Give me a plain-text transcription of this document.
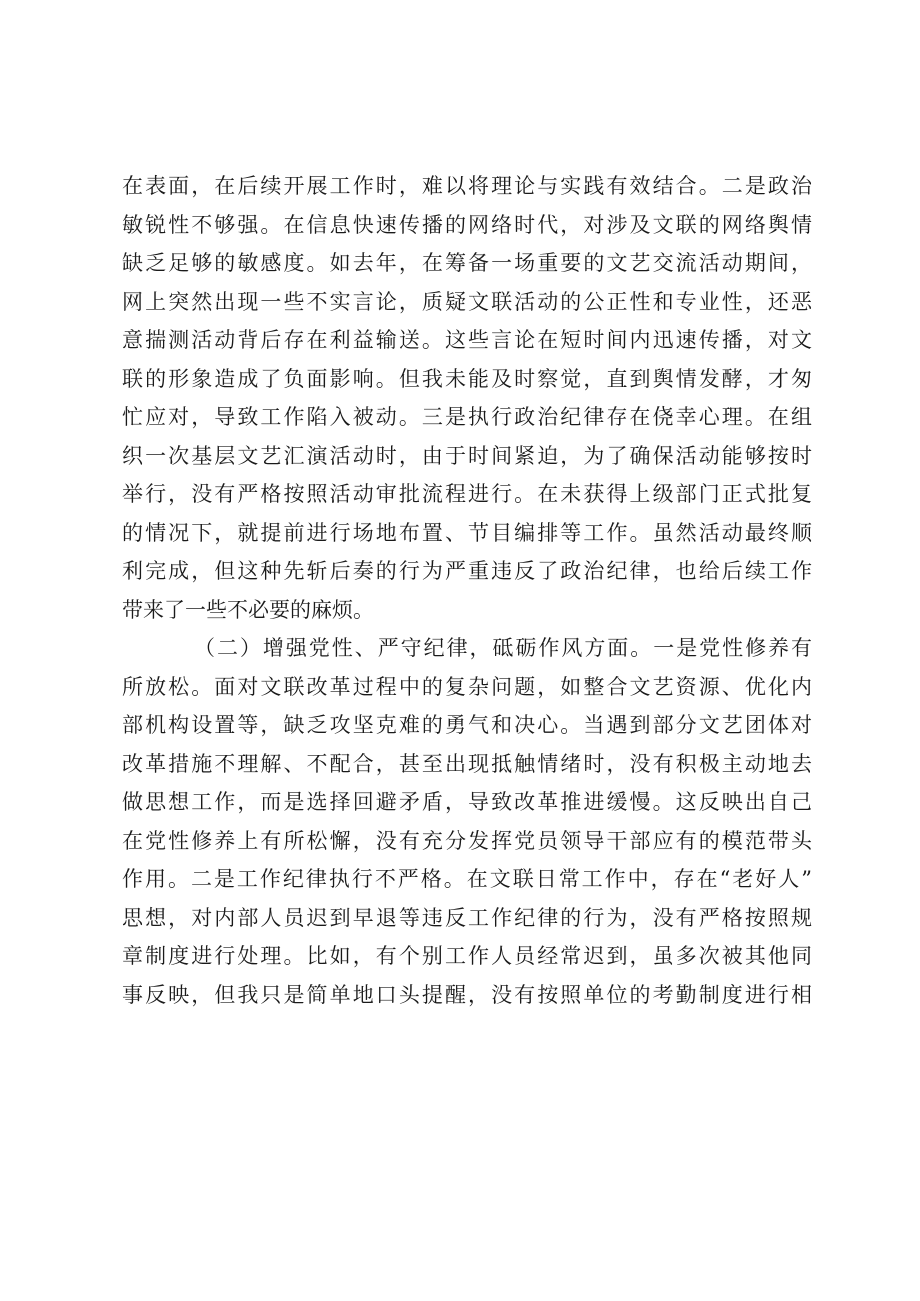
在表面，在后续开展工作时，难以将理论与实践有效结合。二是政治
敏锐性不够强。在信息快速传播的网络时代，对涉及文联的网络舆情
缺乏足够的敏感度。如去年，在筹备一场重要的文艺交流活动期间，
网上突然出现一些不实言论，质疑文联活动的公正性和专业性，还恶
意揣测活动背后存在利益输送。这些言论在短时间内迅速传播，对文
联的形象造成了负面影响。但我未能及时察觉，直到舆情发酵，才匆
忙应对，导致工作陷入被动。三是执行政治纪律存在侥幸心理。在组
织一次基层文艺汇演活动时，由于时间紧迫，为了确保活动能够按时
举行，没有严格按照活动审批流程进行。在未获得上级部门正式批复
的情况下，就提前进行场地布置、节目编排等工作。虽然活动最终顺
利完成，但这种先斩后奏的行为严重违反了政治纪律，也给后续工作
带来了一些不必要的麻烦。
（二）增强党性、严守纪律，砥砺作风方面。一是党性修养有
所放松。面对文联改革过程中的复杂问题，如整合文艺资源、优化内
部机构设置等，缺乏攻坚克难的勇气和决心。当遇到部分文艺团体对
改革措施不理解、不配合，甚至出现抵触情绪时，没有积极主动地去
做思想工作，而是选择回避矛盾，导致改革推进缓慢。这反映出自己
在党性修养上有所松懈，没有充分发挥党员领导干部应有的模范带头
作用。二是工作纪律执行不严格。在文联日常工作中，存在“老好人”
思想，对内部人员迟到早退等违反工作纪律的行为，没有严格按照规
章制度进行处理。比如，有个别工作人员经常迟到，虽多次被其他同
事反映，但我只是简单地口头提醒，没有按照单位的考勤制度进行相
